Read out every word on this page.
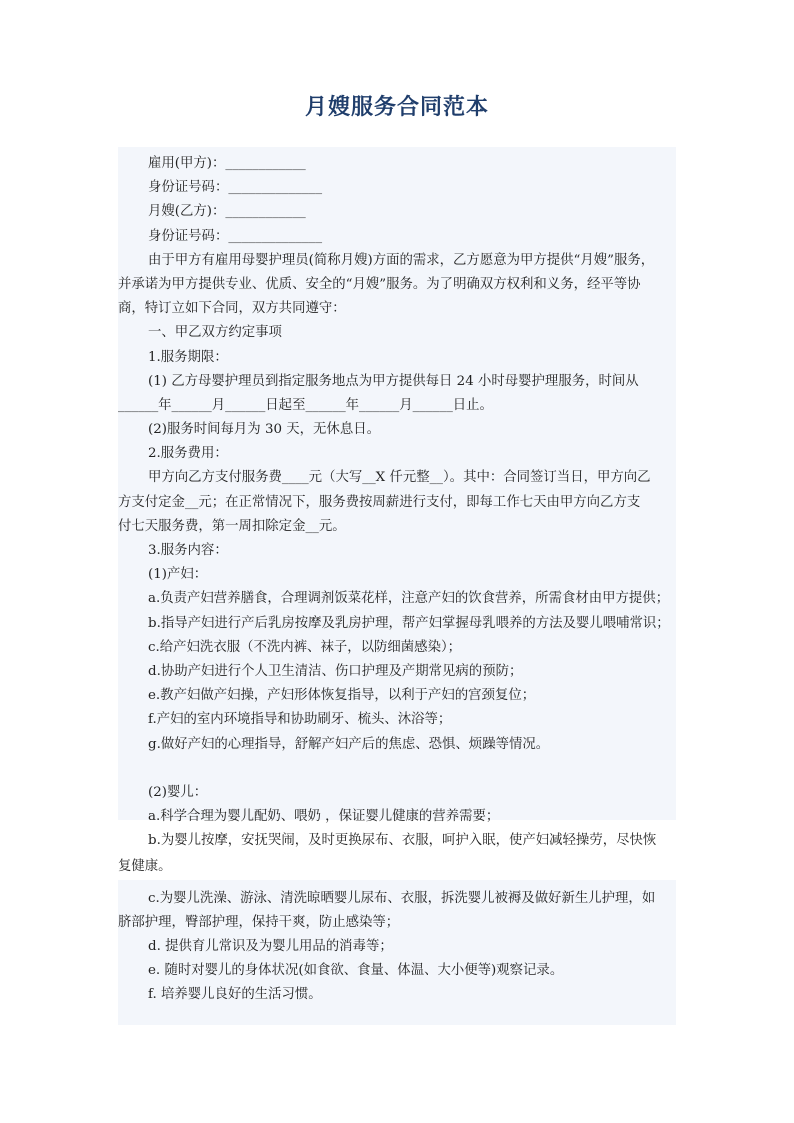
月嫂服务合同范本
雇用(甲方)：____________
身份证号码：______________
月嫂(乙方)：____________
身份证号码：______________
由于甲方有雇用母婴护理员(简称月嫂)方面的需求，乙方愿意为甲方提供“月嫂”服务，
并承诺为甲方提供专业、优质、安全的“月嫂”服务。为了明确双方权利和义务，经平等协
商，特订立如下合同，双方共同遵守：
一、甲乙双方约定事项
1.服务期限：
(1) 乙方母婴护理员到指定服务地点为甲方提供每日 24 小时母婴护理服务，时间从
______年______月______日起至______年______月______日止。
(2)服务时间每月为 30 天，无休息日。
2.服务费用：
甲方向乙方支付服务费____元（大写__X 仟元整__）。其中：合同签订当日，甲方向乙
方支付定金__元；在正常情况下，服务费按周薪进行支付，即每工作七天由甲方向乙方支
付七天服务费，第一周扣除定金__元。
3.服务内容：
(1)产妇：
a.负责产妇营养膳食，合理调剂饭菜花样，注意产妇的饮食营养，所需食材由甲方提供；
b.指导产妇进行产后乳房按摩及乳房护理，帮产妇掌握母乳喂养的方法及婴儿喂哺常识；
c.给产妇洗衣服（不洗内裤、袜子，以防细菌感染）；
d.协助产妇进行个人卫生清洁、伤口护理及产期常见病的预防；
e.教产妇做产妇操，产妇形体恢复指导，以利于产妇的宫颈复位；
f.产妇的室内环境指导和协助刷牙、梳头、沐浴等；
g.做好产妇的心理指导，舒解产妇产后的焦虑、恐惧、烦躁等情况。
(2)婴儿：
a.科学合理为婴儿配奶、喂奶 ，保证婴儿健康的营养需要；
b.为婴儿按摩，安抚哭闹，及时更换尿布、衣服，呵护入眠，使产妇减轻操劳，尽快恢
复健康。
c.为婴儿洗澡、游泳、清洗晾晒婴儿尿布、衣服，拆洗婴儿被褥及做好新生儿护理，如
脐部护理，臀部护理，保持干爽，防止感染等；
d. 提供育儿常识及为婴儿用品的消毒等；
e. 随时对婴儿的身体状况(如食欲、食量、体温、大小便等)观察记录。
f. 培养婴儿良好的生活习惯。
